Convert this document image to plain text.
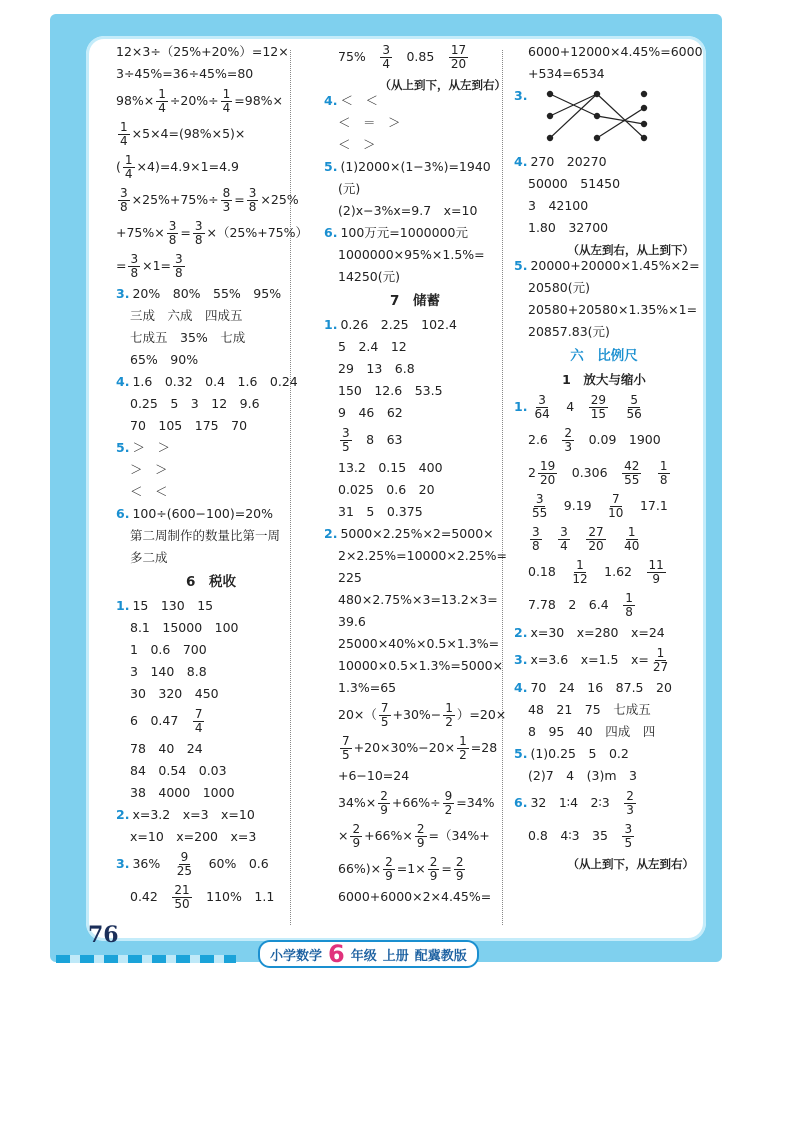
12×3÷（25%+20%）=12×
3÷45%=36÷45%=80
$98\%\times \frac{1}{4} \div 20\%\div \frac{1}{4} =98\%\times$
$\frac{1}{4} \times 5\times 4=(98\%\times 5)\times$
( $\frac{1}{4} \times 4)=4.9\times 1=4.9$
$\frac{3}{8} \times 25\%+75\%\div \frac{8}{3} = \frac{3}{8} \times 25\%$
$+75\%\times \frac{3}{8} = \frac{3}{8} \times(25\%+75\%)$
= $\frac{3}{8} \times 1= \frac{3}{8}$
3. 20%　80%　55%　95%
三成　六成　四成五
七成五　35%　七成
65%　90%
4. 1.6　0.32　0.4　1.6　0.24
0.25　5　3　12　9.6
70　105　175　70
5. ＞　＞
＞　＞
＜　＜
6. 100÷(600−100)=20%
第二周制作的数量比第一周
多二成
6　税收
1. 15　130　15
8.1　15000　100
1　0.6　700
3　140　8.8
30　320　450
6　0.47　 $\frac{7}{4}$
78　40　24
84　0.54　0.03
38　4000　1000
2. x=3.2　x=3　x=10
x=10　x=200　x=3
3. 36%　 $\frac{9}{25}$
　 60%　0.6
0.42　 $\frac{21}{50}$
　 110%　1.1
75%　 $\frac{3}{4}$
　 0.85　 $\frac{17}{20}$
（从上到下，从左到右）
4. ＜　＜
＜　＝　＞
＜　＞
5. (1)2000×(1−3%)=1940
(元)
(2)x−3%x=9.7　x=10
6. 100万元=1000000元
1000000×95%×1.5%=
14250(元)
7　储蓄
1. 0.26　2.25　102.4
5　2.4　12
29　13　6.8
150　12.6　53.5
9　46　62
$\frac{3}{5}$
　 8　63
13.2　0.15　400
0.025　0.6　20
31　5　0.375
2. 5000×2.25%×2=5000×
2×2.25%=10000×2.25%=
225
480×2.75%×3=13.2×3=
39.6
25000×40%×0.5×1.3%=
10000×0.5×1.3%=5000×
1.3%=65
$20\times( \frac{7}{5} +30\%- \frac{1}{2} )=20\times$
$\frac{7}{5} +20\times 30\%-20\times \frac{1}{2} =28$
+6−10=24
$34\%\times \frac{2}{9} +66\%\div \frac{9}{2} =34\%$
× $\frac{2}{9} +66\%\times \frac{2}{9} =(34\%+$
$66\%)\times \frac{2}{9} =1\times \frac{2}{9} = \frac{2}{9}$
6000+6000×2×4.45%=
6000+12000×4.45%=6000
+534=6534
3.
4. 270　20270
50000　51450
3　42100
1.80　32700
（从左到右，从上到下）
5. 20000+20000×1.45%×2=
20580(元)
20580+20580×1.35%×1=
20857.83(元)
六　比例尺
1　放大与缩小
1. $\frac{3}{64}$
　 4　 $\frac{29}{15}$
　 $\frac{5}{56}$
2.6　 $\frac{2}{3}$
　 0.09　1900
$2 \frac{19}{20}$
　 0.306　 $\frac{42}{55}$
　 $\frac{1}{8}$
$\frac{3}{55}$
　 9.19　 $\frac{7}{10}$
　 17.1
$\frac{3}{8}$
　 $\frac{3}{4}$
　 $\frac{27}{20}$
　 $\frac{1}{40}$
0.18　 $\frac{1}{12}$
　 1.62　 $\frac{11}{9}$
7.78　2　6.4　 $\frac{1}{8}$
2. x=30　x=280　x=24
3. x=3.6　x=1.5　$x= \frac{1}{27}$
4. 70　24　16　87.5　20
48　21　75　七成五
8　95　40　四成　四
5. (1)0.25　5　0.2
(2)7　4　(3)m　3
6. 32　1∶4　2∶3　 $\frac{2}{3}$
0.8　4∶3　35　 $\frac{3}{5}$
（从上到下，从左到右）
76
小学数学 6 年级 上册 配冀教版
